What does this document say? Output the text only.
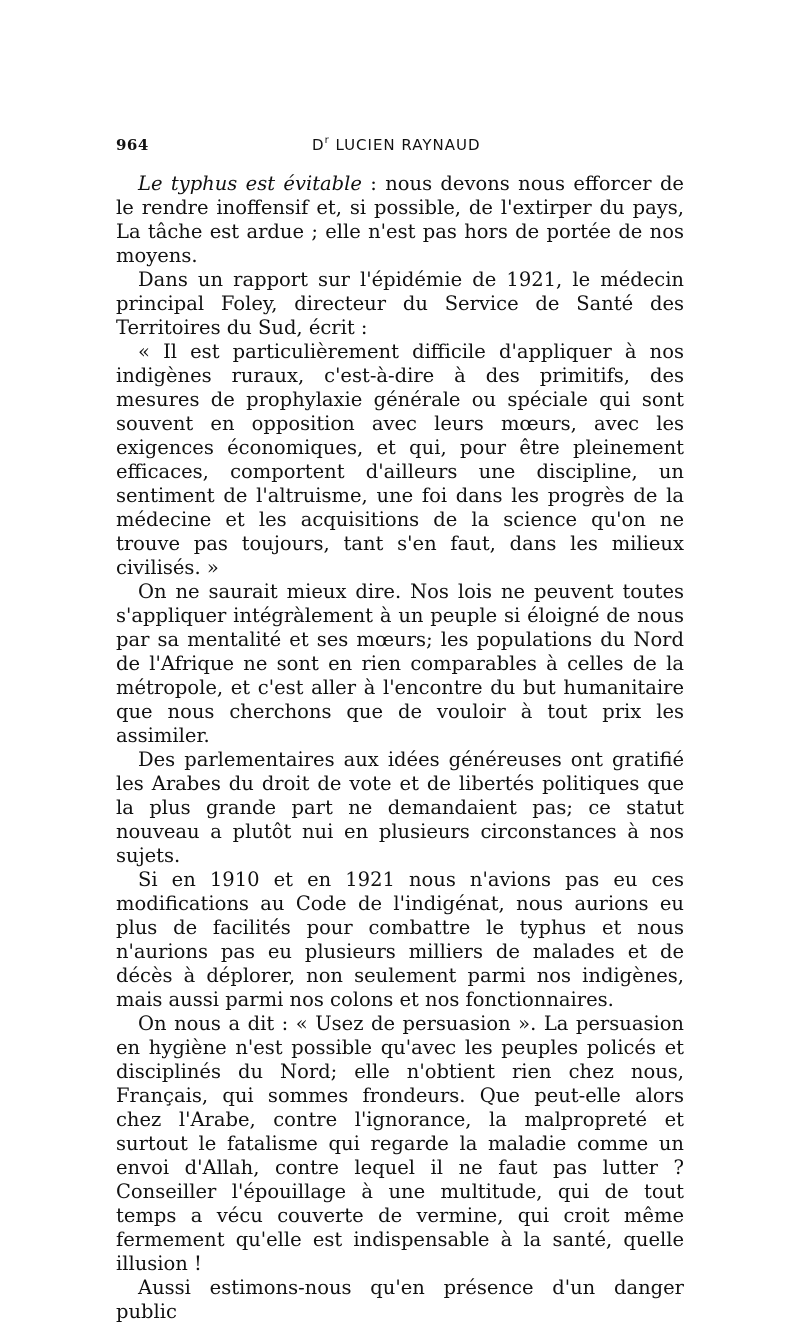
964	$D^r$ LUCIEN RAYNAUD

Le typhus est évitable : nous devons nous efforcer de le rendre inoffensif et, si possible, de l'extirper du pays, La tâche est ardue ; elle n'est pas hors de portée de nos moyens.

Dans un rapport sur l'épidémie de 1921, le médecin principal Foley, directeur du Service de Santé des Territoires du Sud, écrit :

« Il est particulièrement difficile d'appliquer à nos indigènes ruraux, c'est-à-dire à des primitifs, des mesures de prophylaxie générale ou spéciale qui sont souvent en opposition avec leurs mœurs, avec les exigences économiques, et qui, pour être pleinement efficaces, comportent d'ailleurs une discipline, un sentiment de l'altruisme, une foi dans les progrès de la médecine et les acquisitions de la science qu'on ne trouve pas toujours, tant s'en faut, dans les milieux civilisés. »

On ne saurait mieux dire. Nos lois ne peuvent toutes s'appliquer intégràlement à un peuple si éloigné de nous par sa mentalité et ses mœurs; les populations du Nord de l'Afrique ne sont en rien comparables à celles de la métropole, et c'est aller à l'encontre du but humanitaire que nous cherchons que de vouloir à tout prix les assimiler.

Des parlementaires aux idées généreuses ont gratifié les Arabes du droit de vote et de libertés politiques que la plus grande part ne demandaient pas; ce statut nouveau a plutôt nui en plusieurs circonstances à nos sujets.

Si en 1910 et en 1921 nous n'avions pas eu ces modifications au Code de l'indigénat, nous aurions eu plus de facilités pour combattre le typhus et nous n'aurions pas eu plusieurs milliers de malades et de décès à déplorer, non seulement parmi nos indigènes, mais aussi parmi nos colons et nos fonctionnaires.

On nous a dit : « Usez de persuasion ». La persuasion en hygiène n'est possible qu'avec les peuples policés et disciplinés du Nord; elle n'obtient rien chez nous, Français, qui sommes frondeurs. Que peut-elle alors chez l'Arabe, contre l'ignorance, la malpropreté et surtout le fatalisme qui regarde la maladie comme un envoi d'Allah, contre lequel il ne faut pas lutter ? Conseiller l'épouillage à une multitude, qui de tout temps a vécu couverte de vermine, qui croit même fermement qu'elle est indispensable à la santé, quelle illusion !

Aussi estimons-nous qu'en présence d'un danger public
